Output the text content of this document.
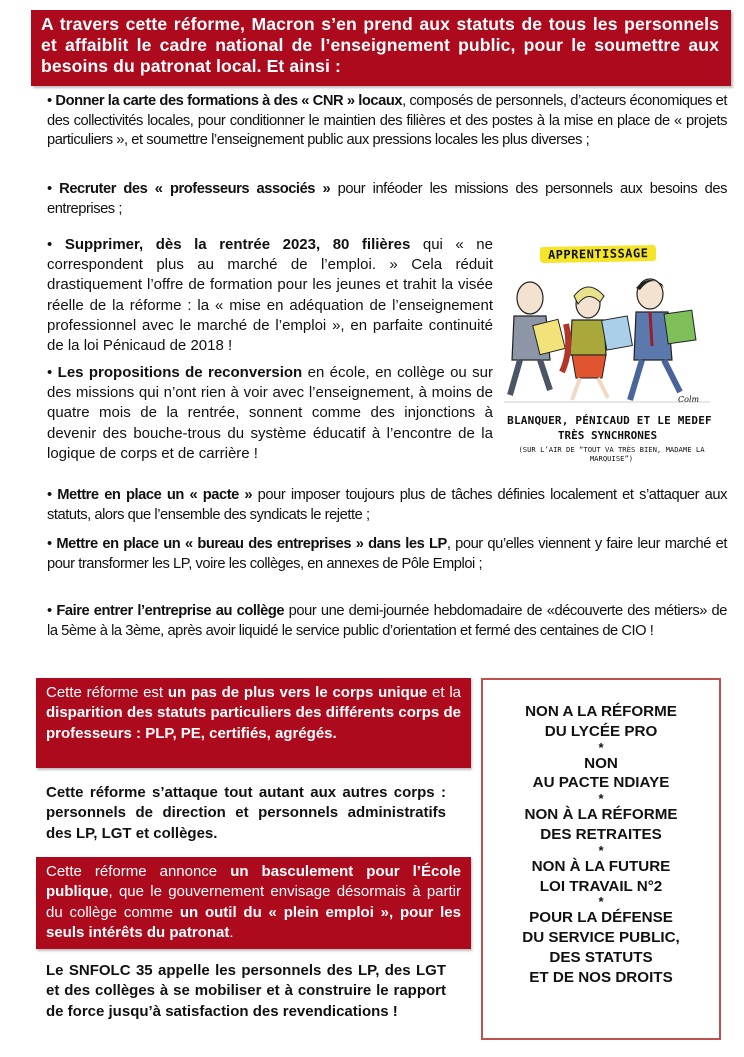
A travers cette réforme, Macron s’en prend aux statuts de tous les personnels et affaiblit le cadre national de l’enseignement public, pour le soumettre aux besoins du patronat local. Et ainsi :

• Donner la carte des formations à des « CNR » locaux, composés de personnels, d’acteurs économiques et des collectivités locales, pour conditionner le maintien des filières et des postes à la mise en place de « projets particuliers », et soumettre l’enseignement public aux pressions locales les plus diverses ;

• Recruter des « professeurs associés » pour inféoder les missions des personnels aux besoins des entreprises ;

• Supprimer, dès la rentrée 2023, 80 filières qui « ne correspondent plus au marché de l’emploi. » Cela réduit drastiquement l’offre de formation pour les jeunes et trahit la visée réelle de la réforme : la « mise en adéquation de l’enseignement professionnel avec le marché de l’emploi », en parfaite continuité de la loi Pénicaud de 2018 !

• Les propositions de reconversion en école, en collège ou sur des missions qui n’ont rien à voir avec l’enseignement, à moins de quatre mois de la rentrée, sonnent comme des injonctions à devenir des bouche-trous du système éducatif à l’encontre de la logique de corps et de carrière !

• Mettre en place un « pacte » pour imposer toujours plus de tâches définies localement et s’attaquer aux statuts, alors que l’ensemble des syndicats le rejette ;

• Mettre en place un « bureau des entreprises » dans les LP, pour qu’elles viennent y faire leur marché et pour transformer les LP, voire les collèges, en annexes de Pôle Emploi ;

• Faire entrer l’entreprise au collège pour une demi-journée hebdomadaire de «découverte des métiers» de la 5ème à la 3ème, après avoir liquidé le service public d’orientation et fermé des centaines de CIO !

APPRENTISSAGE
Colm
BLANQUER, PÉNICAUD ET LE MEDEF
TRÈS SYNCHRONES
(SUR L’AIR DE “TOUT VA TRÈS BIEN, MADAME LA MARQUISE”)

Cette réforme est un pas de plus vers le corps unique et la disparition des statuts particuliers des différents corps de professeurs : PLP, PE, certifiés, agrégés.

Cette réforme s’attaque tout autant aux autres corps : personnels de direction et personnels administratifs des LP, LGT et collèges.

Cette réforme annonce un basculement pour l’École publique, que le gouvernement envisage désormais à partir du collège comme un outil du « plein emploi », pour les seuls intérêts du patronat.

Le SNFOLC 35 appelle les personnels des LP, des LGT et des collèges à se mobiliser et à construire le rapport de force jusqu’à satisfaction des revendications !

NON A LA RÉFORME

DU LYCÉE PRO

*

NON

AU PACTE NDIAYE

*

NON À LA RÉFORME

DES RETRAITES

*

NON À LA FUTURE

LOI TRAVAIL N°2

*

POUR LA DÉFENSE

DU SERVICE PUBLIC,

DES STATUTS

ET DE NOS DROITS
